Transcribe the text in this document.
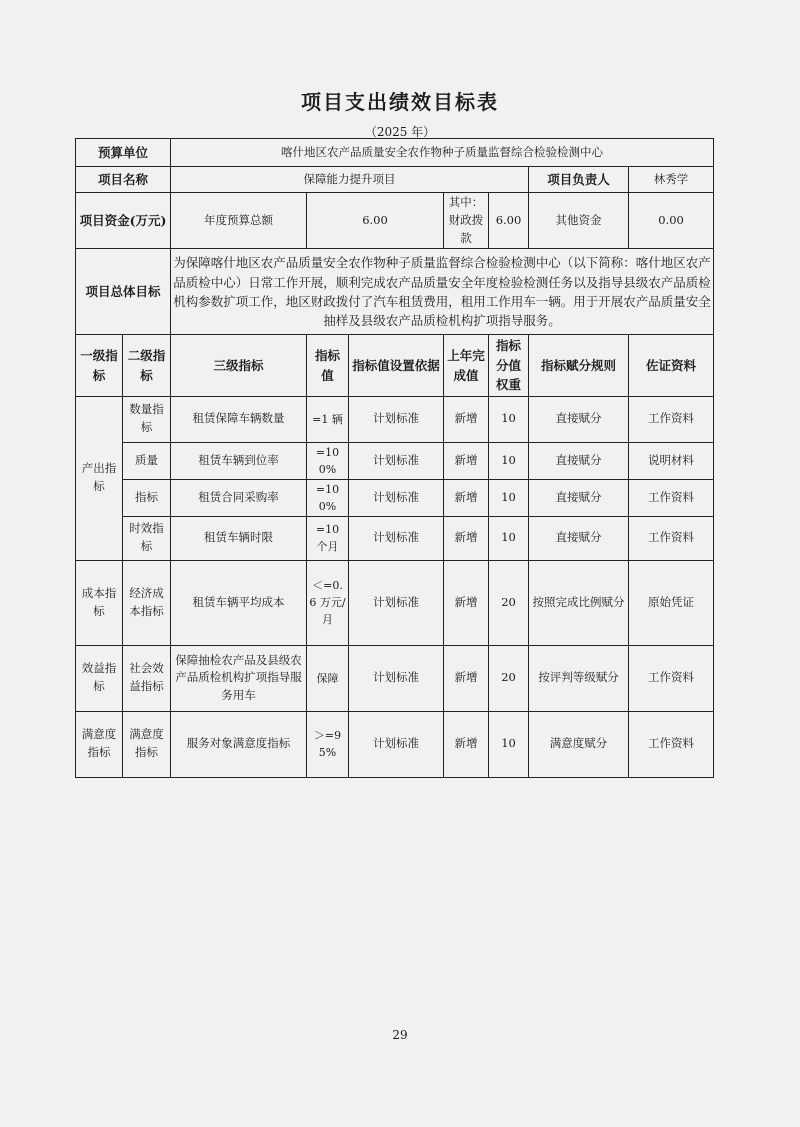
项目支出绩效目标表
（2025 年）
预算单位		喀什地区农产品质量安全农作物种子质量监督综合检验检测中心						
项目名称		保障能力提升项目					项目负责人	林秀学
项目资金(万元)		年度预算总额	6.00		其中：财政拨款	6.00	其他资金	0.00
项目总体目标		为保障喀什地区农产品质量安全农作物种子质量监督综合检验检测中心（以下简称：喀什地区农产品质检中心）日常工作开展，顺利完成农产品质量安全年度检验检测任务以及指导县级农产品质检机构参数扩项工作，地区财政拨付了汽车租赁费用，租用工作用车一辆。用于开展农产品质量安全抽样及县级农产品质检机构扩项指导服务。						
一级指标	二级指标	三级指标	指标值	指标值设置依据	上年完成值	指标分值权重	指标赋分规则	佐证资料
产出指标	数量指标	租赁保障车辆数量	=1 辆	计划标准	新增	10	直接赋分	工作资料
	质量	租赁车辆到位率	=100%	计划标准	新增	10	直接赋分	说明材料
	指标	租赁合同采购率	=100%	计划标准	新增	10	直接赋分	工作资料
	时效指标	租赁车辆时限	=10 个月	计划标准	新增	10	直接赋分	工作资料
成本指标	经济成本指标	租赁车辆平均成本	＜=0.6 万元/月	计划标准	新增	20	按照完成比例赋分	原始凭证
效益指标	社会效益指标	保障抽检农产品及县级农产品质检机构扩项指导服务用车	保障	计划标准	新增	20	按评判等级赋分	工作资料
满意度指标	满意度指标	服务对象满意度指标	＞=95%	计划标准	新增	10	满意度赋分	工作资料
29
